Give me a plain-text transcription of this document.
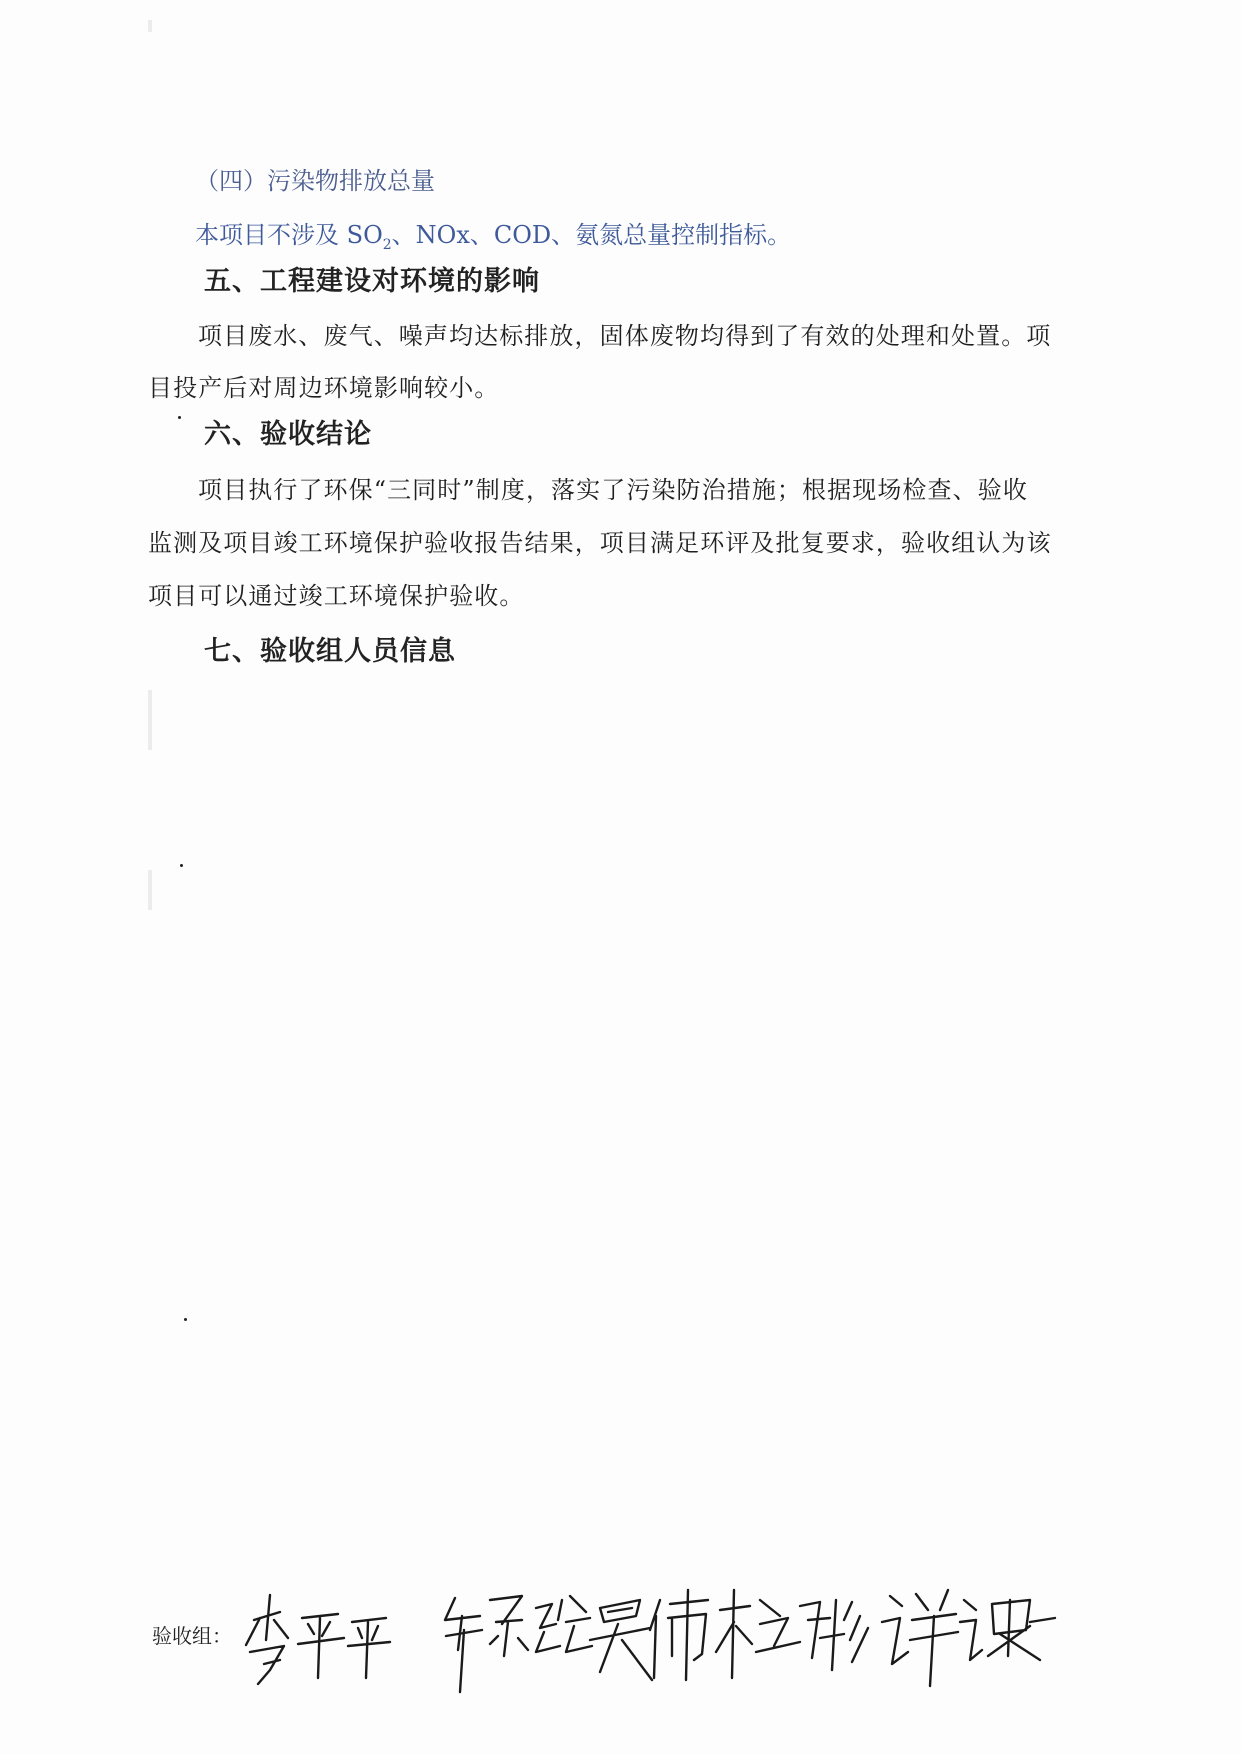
（四）污染物排放总量
本项目不涉及 $SO_2$、NOx、COD、氨氮总量控制指标。
五、工程建设对环境的影响
项目废水、废气、噪声均达标排放，固体废物均得到了有效的处理和处置。项
目投产后对周边环境影响较小。
六、验收结论
项目执行了环保“三同时”制度，落实了污染防治措施；根据现场检查、验收
监测及项目竣工环境保护验收报告结果，项目满足环评及批复要求，验收组认为该
项目可以通过竣工环境保护验收。
七、验收组人员信息
验收组：
